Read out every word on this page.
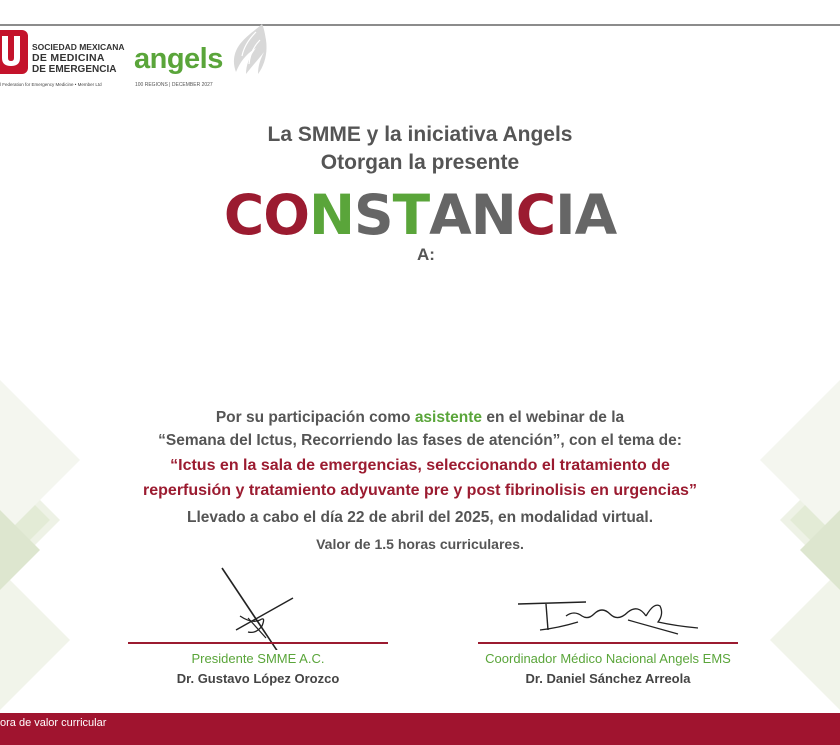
SOCIEDAD MEXICANA
DE MEDICINA
DE EMERGENCIA
l Federation for Emergency Medicine • Member Ltd
angels
100 REGIONS | DECEMBER 2027
La SMME y la iniciativa Angels
Otorgan la presente
CONSTANCIA
A:
Por su participación como asistente en el webinar de la
“Semana del Ictus, Recorriendo las fases de atención”, con el tema de:
“Ictus en la sala de emergencias, seleccionando el tratamiento de
reperfusión y tratamiento adyuvante pre y post fibrinolisis en urgencias”
Llevado a cabo el día 22 de abril del 2025, en modalidad virtual.
Valor de 1.5 horas curriculares.
Presidente SMME A.C.
Dr. Gustavo López Orozco
Coordinador Médico Nacional Angels EMS
Dr. Daniel Sánchez Arreola
ora de valor curricular
